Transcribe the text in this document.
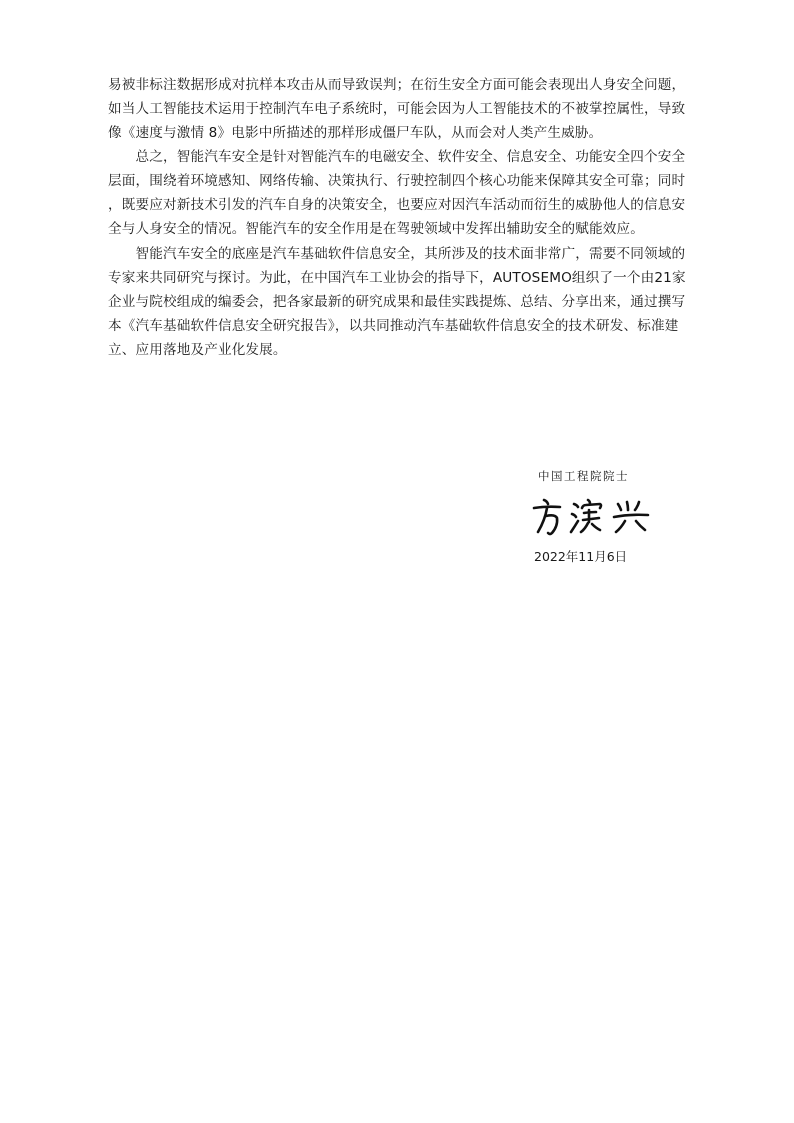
易被非标注数据形成对抗样本攻击从而导致误判；在衍生安全方面可能会表现出人身安全问题，
如当人工智能技术运用于控制汽车电子系统时，可能会因为人工智能技术的不被掌控属性，导致
像《速度与激情 8》电影中所描述的那样形成僵尸车队，从而会对人类产生威胁。
　　总之，智能汽车安全是针对智能汽车的电磁安全、软件安全、信息安全、功能安全四个安全
层面，围绕着环境感知、网络传输、决策执行、行驶控制四个核心功能来保障其安全可靠；同时
，既要应对新技术引发的汽车自身的决策安全，也要应对因汽车活动而衍生的威胁他人的信息安
全与人身安全的情况。智能汽车的安全作用是在驾驶领域中发挥出辅助安全的赋能效应。
　　智能汽车安全的底座是汽车基础软件信息安全，其所涉及的技术面非常广，需要不同领域的
专家来共同研究与探讨。为此，在中国汽车工业协会的指导下，AUTOSEMO组织了一个由21家
企业与院校组成的编委会，把各家最新的研究成果和最佳实践提炼、总结、分享出来，通过撰写
本《汽车基础软件信息安全研究报告》，以共同推动汽车基础软件信息安全的技术研发、标准建
立、应用落地及产业化发展。
中国工程院院士
2022年11月6日
